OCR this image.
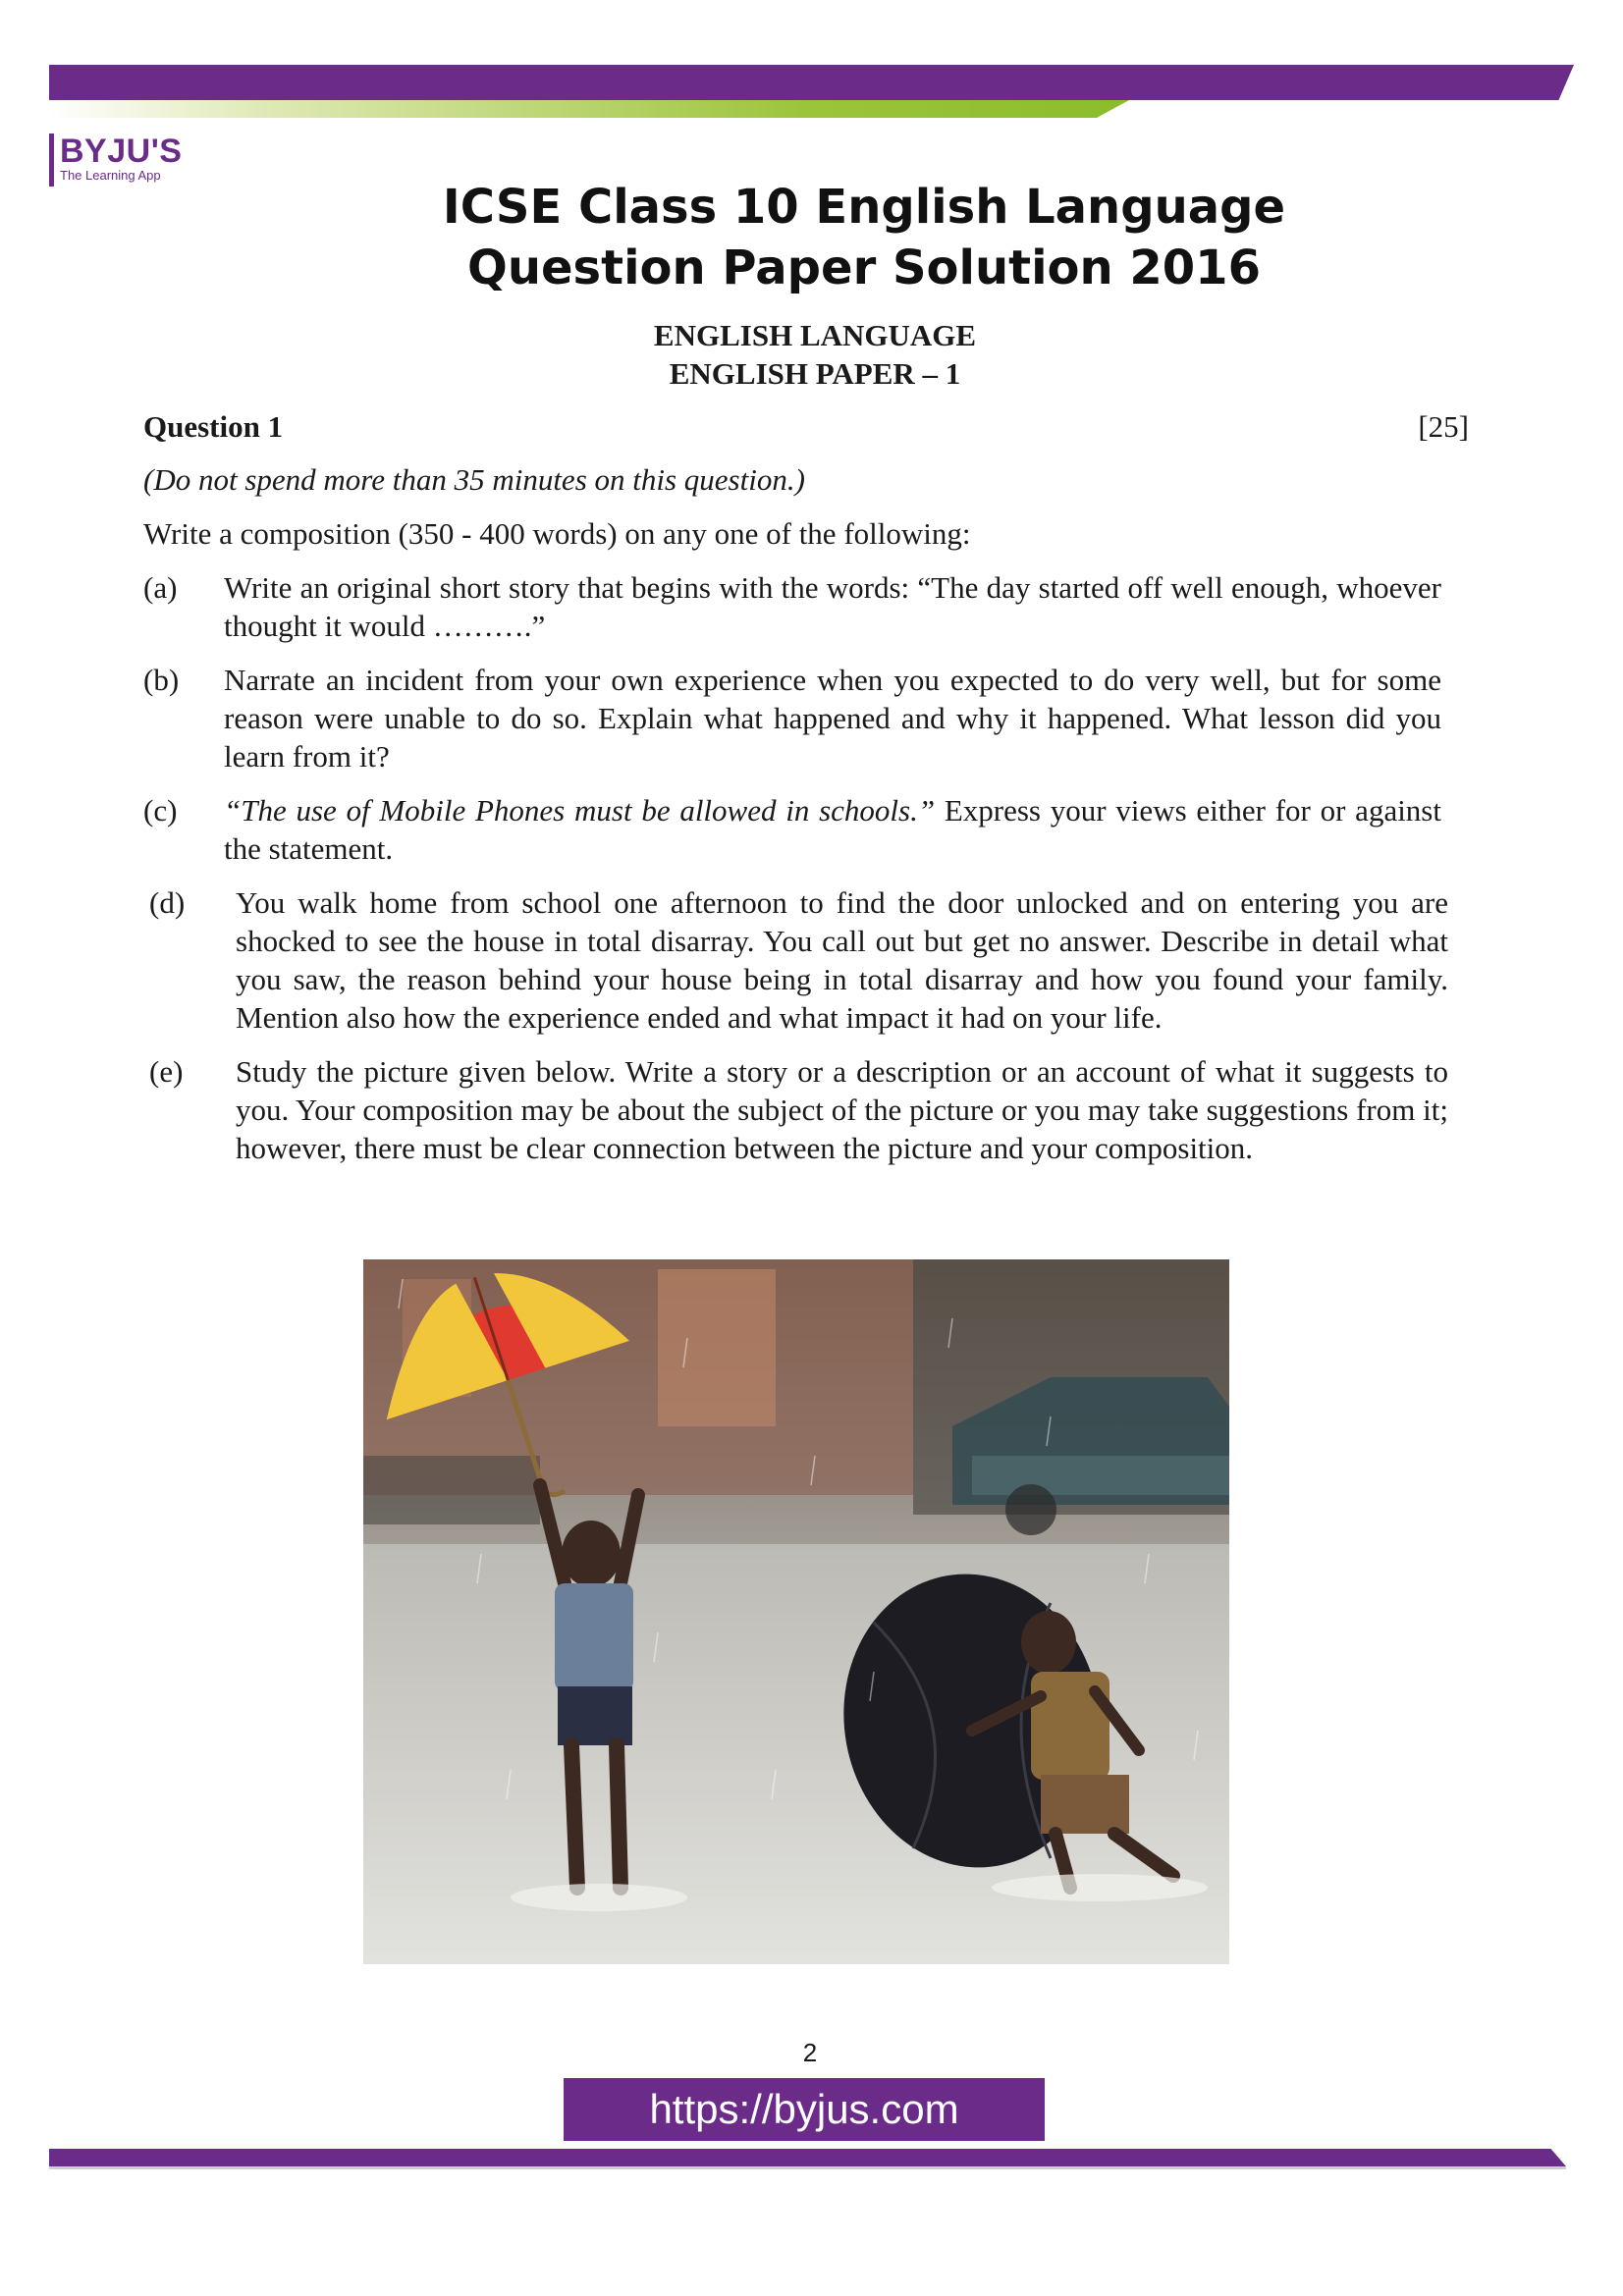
BYJU'S
The Learning App
ICSE Class 10 English Language
Question Paper Solution 2016
ENGLISH LANGUAGE
ENGLISH PAPER – 1
Question 1	[25]
(Do not spend more than 35 minutes on this question.)
Write a composition (350 - 400 words) on any one of the following:
(a)	Write an original short story that begins with the words: “The day started off well enough, whoever thought it would ……….”
(b)	Narrate an incident from your own experience when you expected to do very well, but for some reason were unable to do so. Explain what happened and why it happened. What lesson did you learn from it?
(c)	“The use of Mobile Phones must be allowed in schools.” Express your views either for or against the statement.
(d)	You walk home from school one afternoon to find the door unlocked and on entering you are shocked to see the house in total disarray. You call out but get no answer. Describe in detail what you saw, the reason behind your house being in total disarray and how you found your family. Mention also how the experience ended and what impact it had on your life.
(e)	Study the picture given below. Write a story or a description or an account of what it suggests to you. Your composition may be about the subject of the picture or you may take suggestions from it; however, there must be clear connection between the picture and your composition.
2
https://byjus.com
